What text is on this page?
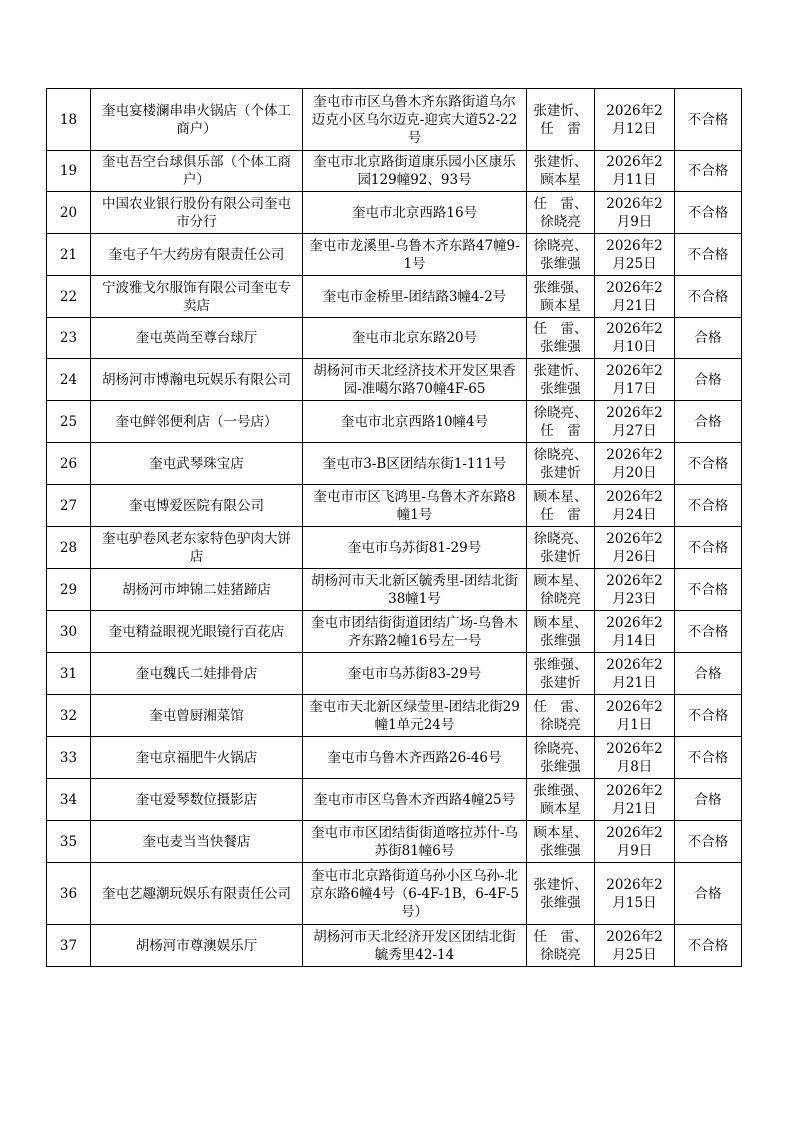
18	奎屯宴楼澜串串火锅店（个体工商户）	奎屯市市区乌鲁木齐东路街道乌尔迈克小区乌尔迈克-迎宾大道52-22号	张建忻、任　雷	2026年2月12日	不合格
19	奎屯吾空台球俱乐部（个体工商户）	奎屯市北京路街道康乐园小区康乐园129幢92、93号	张建忻、顾本星	2026年2月11日	不合格
20	中国农业银行股份有限公司奎屯市分行	奎屯市北京西路16号	任　雷、徐晓亮	2026年2月9日	不合格
21	奎屯子午大药房有限责任公司	奎屯市龙溪里-乌鲁木齐东路47幢9-1号	徐晓亮、张维强	2026年2月25日	不合格
22	宁波雅戈尔服饰有限公司奎屯专卖店	奎屯市金桥里-团结路3幢4-2号	张维强、顾本星	2026年2月21日	不合格
23	奎屯英尚至尊台球厅	奎屯市北京东路20号	任　雷、张维强	2026年2月10日	合格
24	胡杨河市博瀚电玩娱乐有限公司	胡杨河市天北经济技术开发区果香园-准噶尔路70幢4F-65	张建忻、张维强	2026年2月17日	合格
25	奎屯鲜邻便利店（一号店）	奎屯市北京西路10幢4号	徐晓亮、任　雷	2026年2月27日	合格
26	奎屯武琴珠宝店	奎屯市3-B区团结东街1-111号	徐晓亮、张建忻	2026年2月20日	不合格
27	奎屯博爱医院有限公司	奎屯市市区飞鸿里-乌鲁木齐东路8幢1号	顾本星、任　雷	2026年2月24日	不合格
28	奎屯驴卷风老东家特色驴肉大饼店	奎屯市乌苏街81-29号	徐晓亮、张建忻	2026年2月26日	不合格
29	胡杨河市坤锦二娃猪蹄店	胡杨河市天北新区毓秀里-团结北街38幢1号	顾本星、徐晓亮	2026年2月23日	不合格
30	奎屯精益眼视光眼镜行百花店	奎屯市团结街街道团结广场-乌鲁木齐东路2幢16号左一号	顾本星、张维强	2026年2月14日	不合格
31	奎屯魏氏二娃排骨店	奎屯市乌苏街83-29号	张维强、张建忻	2026年2月21日	合格
32	奎屯曾厨湘菜馆	奎屯市天北新区绿莹里-团结北街29幢1单元24号	任　雷、徐晓亮	2026年2月1日	不合格
33	奎屯京福肥牛火锅店	奎屯市乌鲁木齐西路26-46号	徐晓亮、张维强	2026年2月8日	不合格
34	奎屯爱琴数位摄影店	奎屯市市区乌鲁木齐西路4幢25号	张维强、顾本星	2026年2月21日	合格
35	奎屯麦当当快餐店	奎屯市市区团结街街道喀拉苏什-乌苏街81幢6号	顾本星、张维强	2026年2月9日	不合格
36	奎屯艺趣潮玩娱乐有限责任公司	奎屯市北京路街道乌孙小区乌孙-北京东路6幢4号（6-4F-1B，6-4F-5号）	张建忻、张维强	2026年2月15日	合格
37	胡杨河市尊澳娱乐厅	胡杨河市天北经济开发区团结北街毓秀里42-14	任　雷、徐晓亮	2026年2月25日	不合格
